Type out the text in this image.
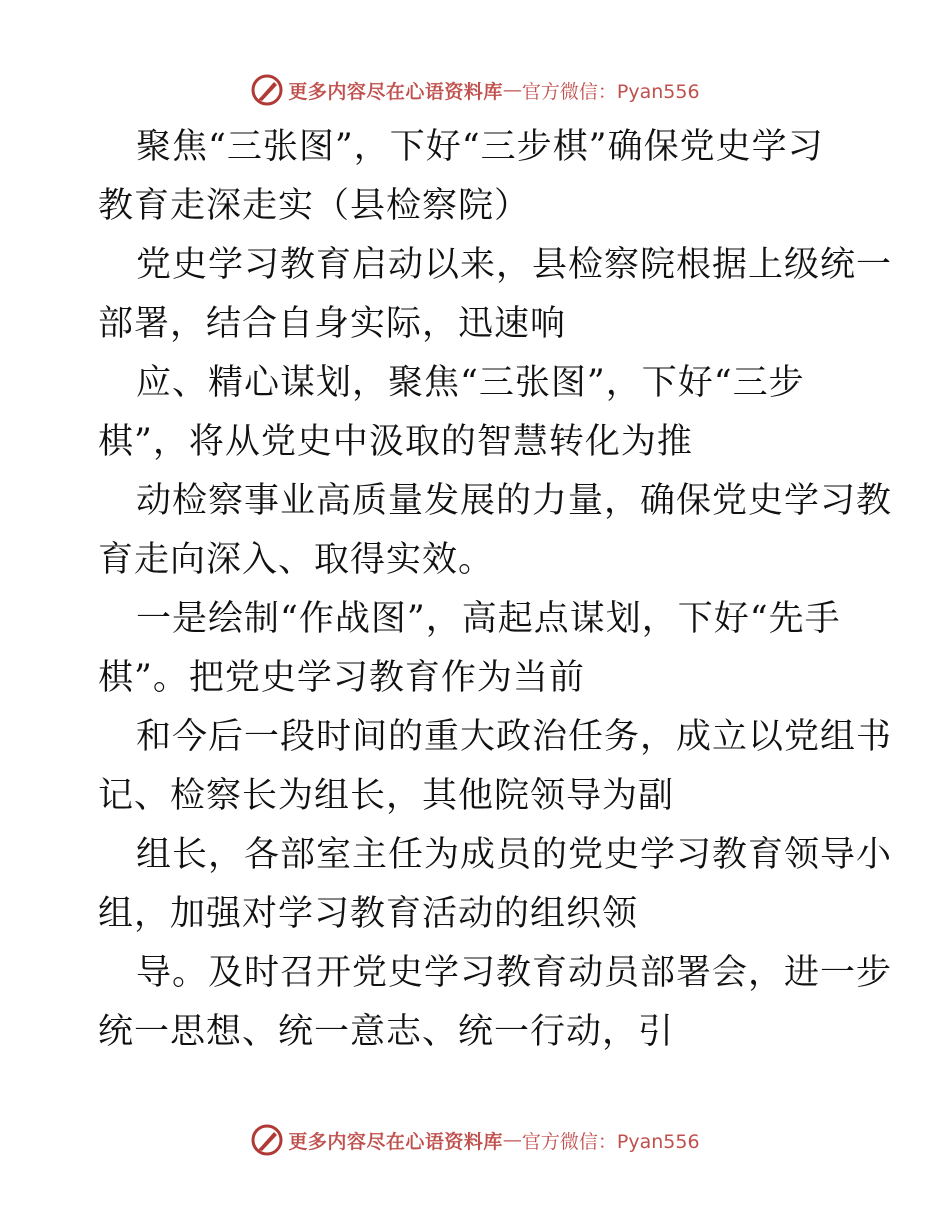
更多内容尽在心语资料库 — 官方微信：Pyan556
聚焦“三张图”，下好“三步棋”确保党史学习
教育走深走实（县检察院）
党史学习教育启动以来，县检察院根据上级统一
部署，结合自身实际，迅速响
应、精心谋划，聚焦“三张图”，下好“三步
棋”，将从党史中汲取的智慧转化为推
动检察事业高质量发展的力量，确保党史学习教
育走向深入、取得实效。
一是绘制“作战图”，高起点谋划，下好“先手
棋”。把党史学习教育作为当前
和今后一段时间的重大政治任务，成立以党组书
记、检察长为组长，其他院领导为副
组长，各部室主任为成员的党史学习教育领导小
组，加强对学习教育活动的组织领
导。及时召开党史学习教育动员部署会，进一步
统一思想、统一意志、统一行动，引
更多内容尽在心语资料库 — 官方微信：Pyan556
